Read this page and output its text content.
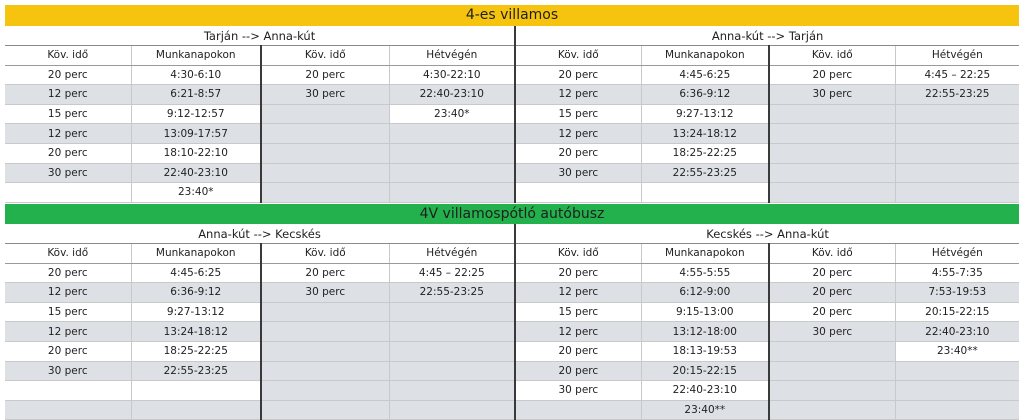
4-es villamos
Tarján --> Anna-kút				Anna-kút --> Tarján			
Köv. idő	Munkanapokon	Köv. idő	Hétvégén	Köv. idő	Munkanapokon	Köv. idő	Hétvégén
20 perc	4:30-6:10	20 perc	4:30-22:10	20 perc	4:45-6:25	20 perc	4:45 – 22:25
12 perc	6:21-8:57	30 perc	22:40-23:10	12 perc	6:36-9:12	30 perc	22:55-23:25
15 perc	9:12-12:57		23:40*	15 perc	9:27-13:12		
12 perc	13:09-17:57			12 perc	13:24-18:12		
20 perc	18:10-22:10			20 perc	18:25-22:25		
30 perc	22:40-23:10			30 perc	22:55-23:25		
	23:40*						
4V villamospótló autóbusz
Anna-kút --> Kecskés				Kecskés --> Anna-kút			
Köv. idő	Munkanapokon	Köv. idő	Hétvégén	Köv. idő	Munkanapokon	Köv. idő	Hétvégén
20 perc	4:45-6:25	20 perc	4:45 – 22:25	20 perc	4:55-5:55	20 perc	4:55-7:35
12 perc	6:36-9:12	30 perc	22:55-23:25	12 perc	6:12-9:00	20 perc	7:53-19:53
15 perc	9:27-13:12			15 perc	9:15-13:00	20 perc	20:15-22:15
12 perc	13:24-18:12			12 perc	13:12-18:00	30 perc	22:40-23:10
20 perc	18:25-22:25			20 perc	18:13-19:53		23:40**
30 perc	22:55-23:25			20 perc	20:15-22:15		
				30 perc	22:40-23:10		
					23:40**		
